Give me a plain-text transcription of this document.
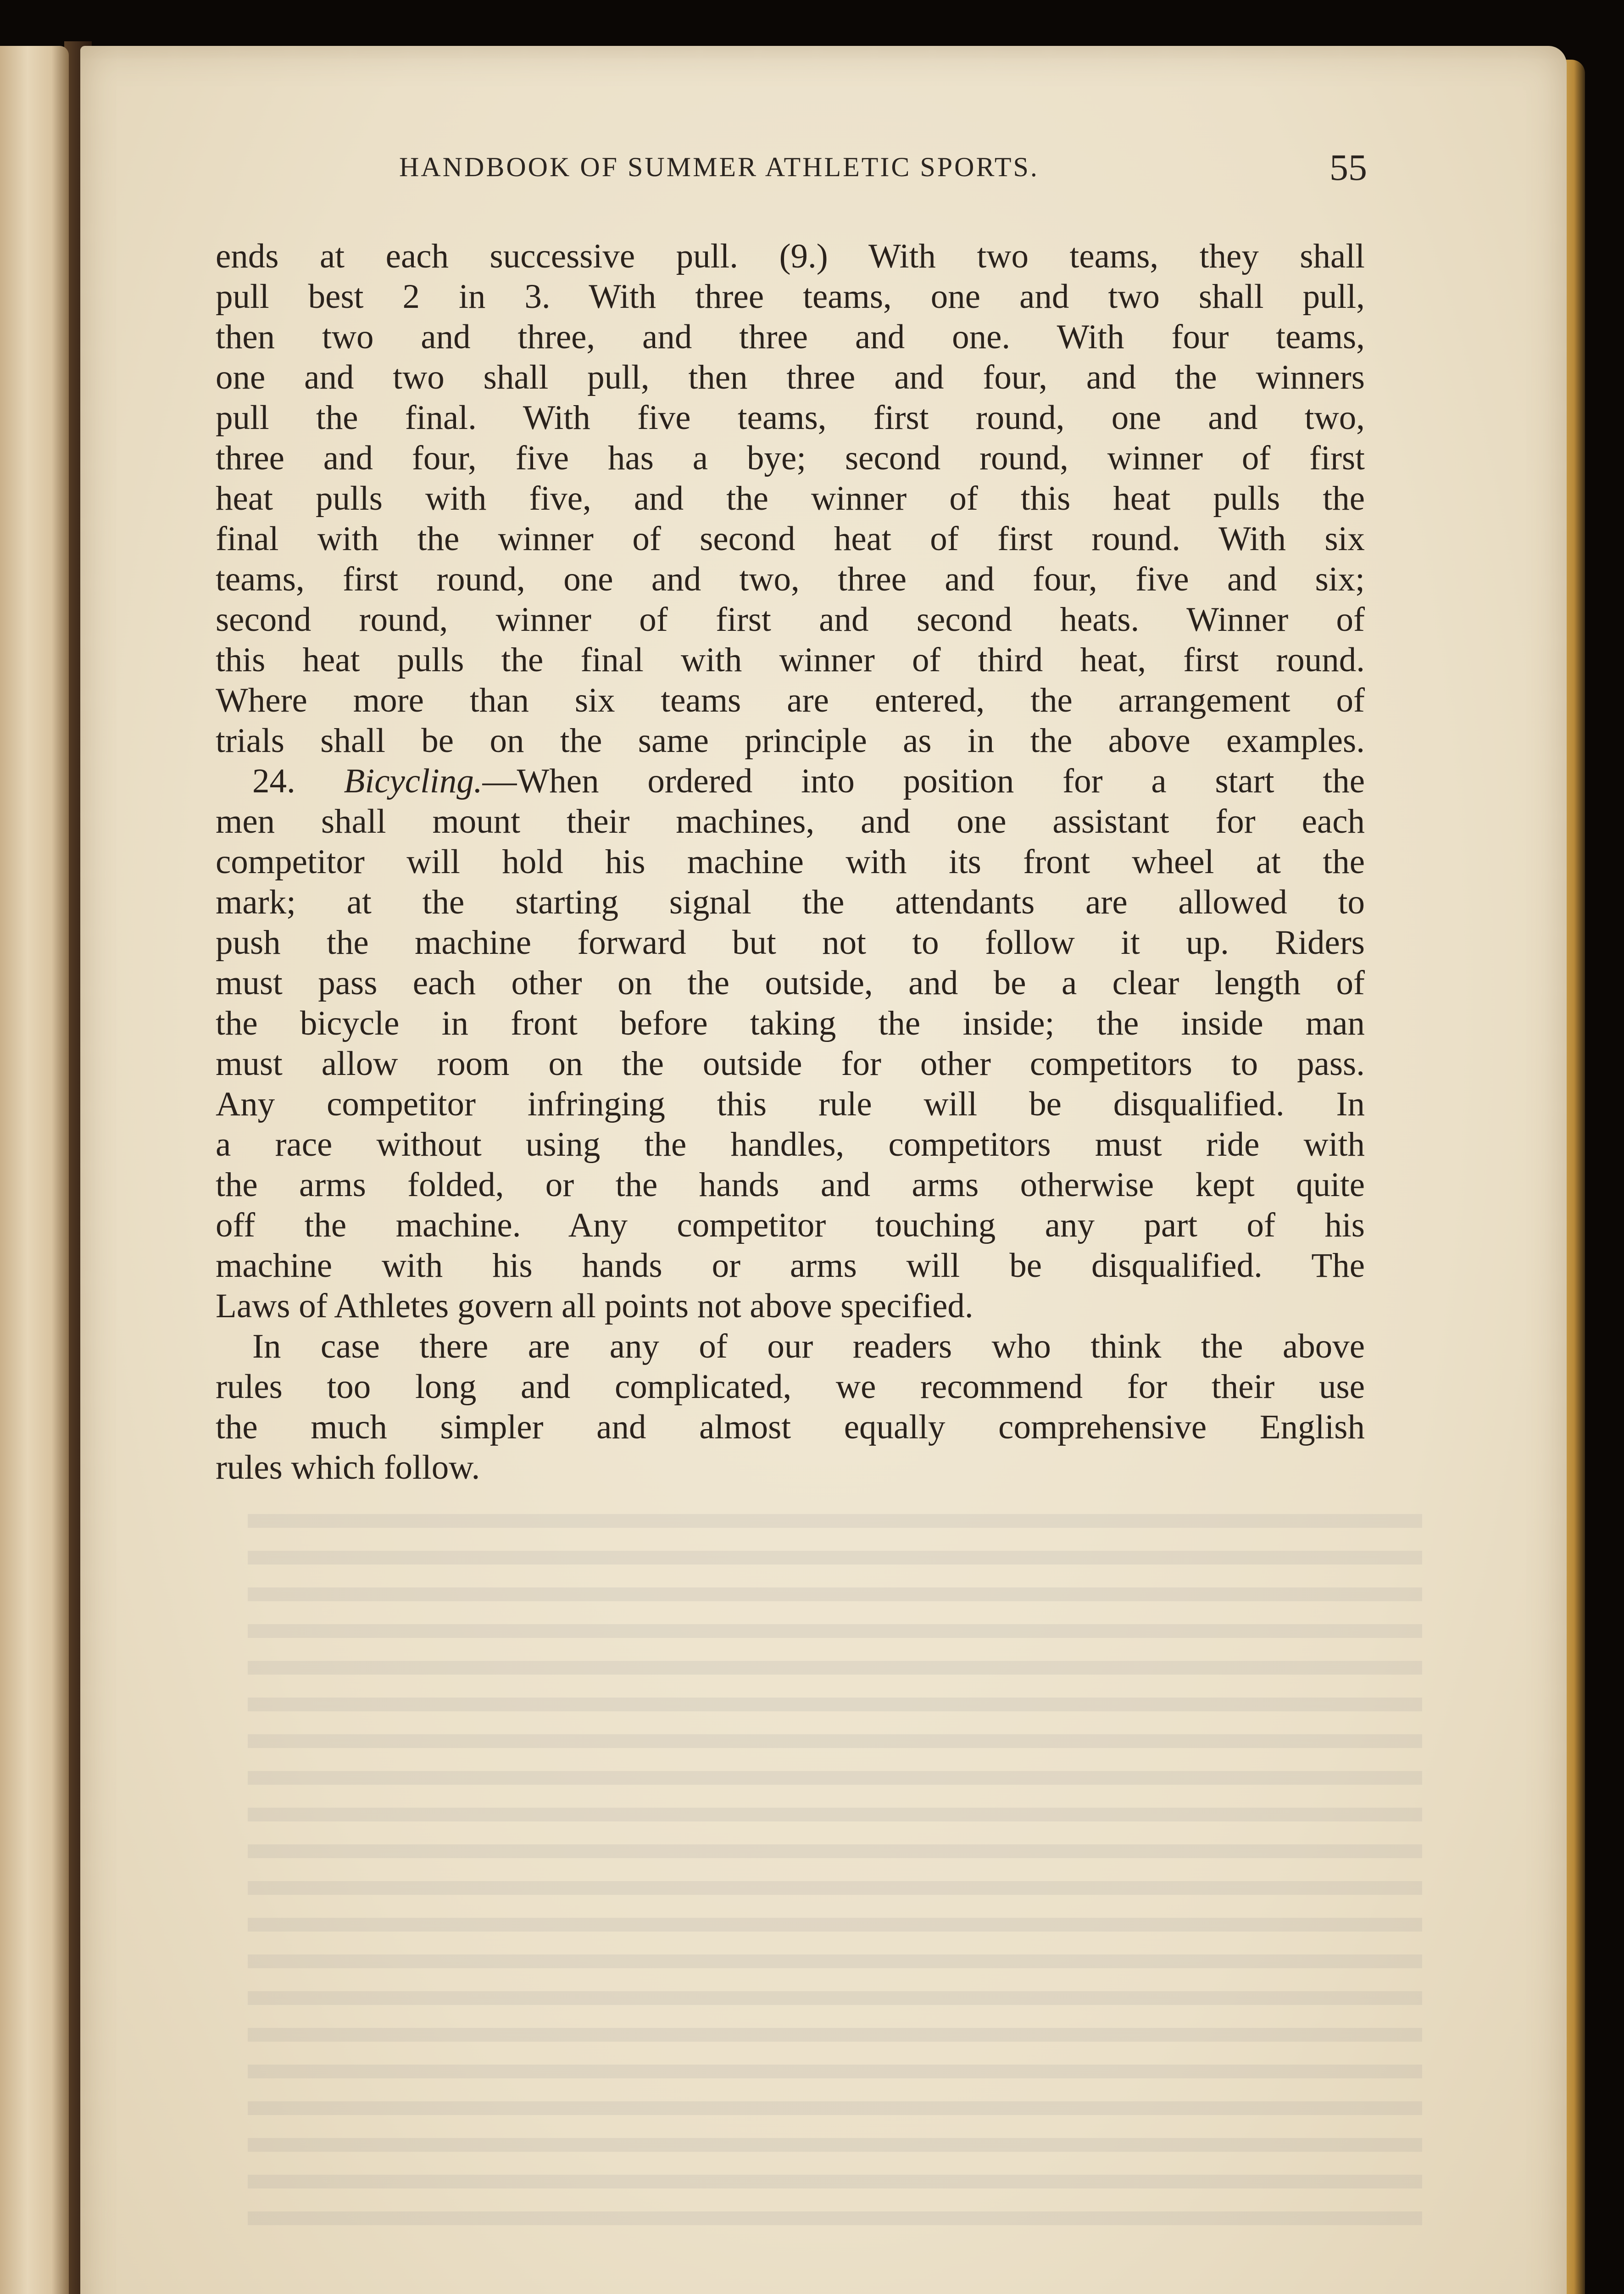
HANDBOOK OF SUMMER ATHLETIC SPORTS.	55
ends at each successive pull. (9.) With two teams, they shall
pull best 2 in 3. With three teams, one and two shall pull,
then two and three, and three and one. With four teams,
one and two shall pull, then three and four, and the winners
pull the final. With five teams, first round, one and two,
three and four, five has a bye; second round, winner of first
heat pulls with five, and the winner of this heat pulls the
final with the winner of second heat of first round. With six
teams, first round, one and two, three and four, five and six;
second round, winner of first and second heats. Winner of
this heat pulls the final with winner of third heat, first round.
Where more than six teams are entered, the arrangement of
trials shall be on the same principle as in the above examples.
24. Bicycling.—When ordered into position for a start the
men shall mount their machines, and one assistant for each
competitor will hold his machine with its front wheel at the
mark; at the starting signal the attendants are allowed to
push the machine forward but not to follow it up. Riders
must pass each other on the outside, and be a clear length of
the bicycle in front before taking the inside; the inside man
must allow room on the outside for other competitors to pass.
Any competitor infringing this rule will be disqualified. In
a race without using the handles, competitors must ride with
the arms folded, or the hands and arms otherwise kept quite
off the machine. Any competitor touching any part of his
machine with his hands or arms will be disqualified. The
Laws of Athletes govern all points not above specified.
In case there are any of our readers who think the above
rules too long and complicated, we recommend for their use
the much simpler and almost equally comprehensive English
rules which follow.
